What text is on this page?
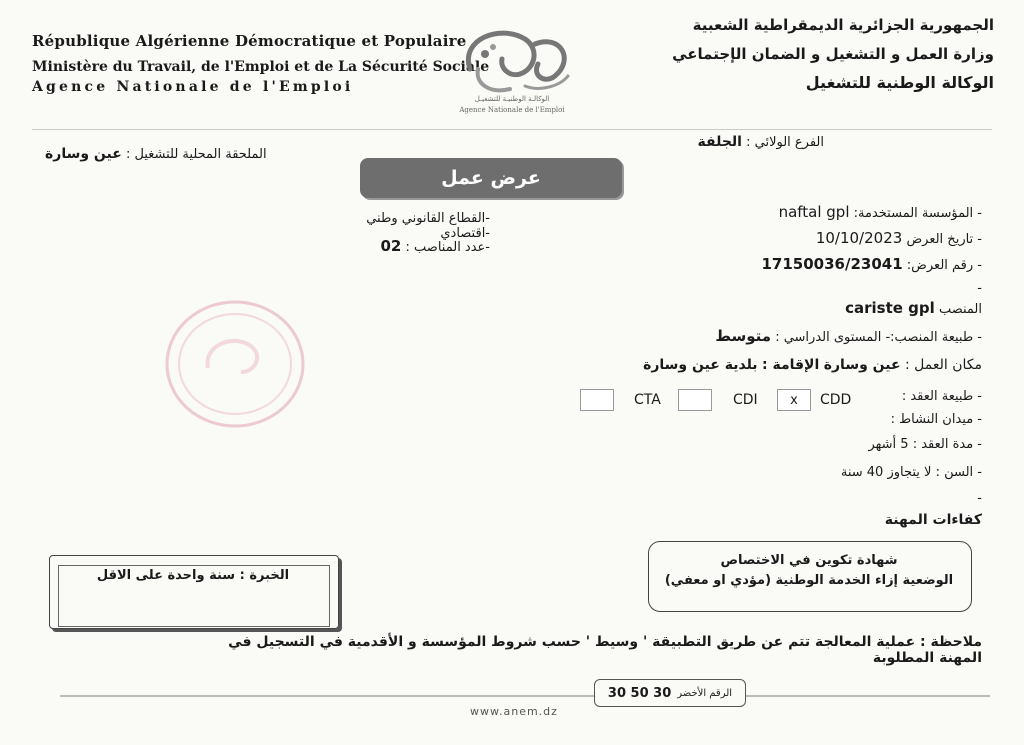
République Algérienne Démocratique et Populaire
Ministère du Travail, de l'Emploi et de La Sécurité Sociale
Agence Nationale de l'Emploi
الجمهورية الجزائرية الديمقراطية الشعبية
وزارة العمل و التشغيل و الضمان الإجتماعي
الوكالة الوطنية للتشغيل
الوكالـة الوطنيـة للتشغيـل
Agence Nationale de l'Emploi
الملحقة المحلية للتشغيل : عين وسارة
الفرع الولائي : الجلفة
عرض عمل
-القطاع القانوني وطني -اقتصادي
-عدد المناصب : 02
- المؤسسة المستخدمة: naftal gpl
- تاريخ العرض 10/10/2023
- رقم العرض: 17150036/23041
-
المنصب cariste gpl
- طبيعة المنصب:- المستوى الدراسي : متوسط
مكان العمل : عين وسارة الإقامة : بلدية عين وسارة
- طبيعة العقد :
x	CDD
CDI
CTA
- ميدان النشاط :
- مدة العقد : 5 أشهر
- السن : لا يتجاوز 40 سنة
-
كفاءات المهنة
الخبرة : سنة واحدة على الاقل
شهادة تكوين في الاختصاص
الوضعية إزاء الخدمة الوطنية (مؤدي او معفي)
ملاحظة : عملية المعالجة تتم عن طريق التطبيقة ' وسيط ' حسب شروط المؤسسة و الأقدمية في التسجيل في المهنة المطلوبة
30 50 30 الرقم الأخضر
www.anem.dz
